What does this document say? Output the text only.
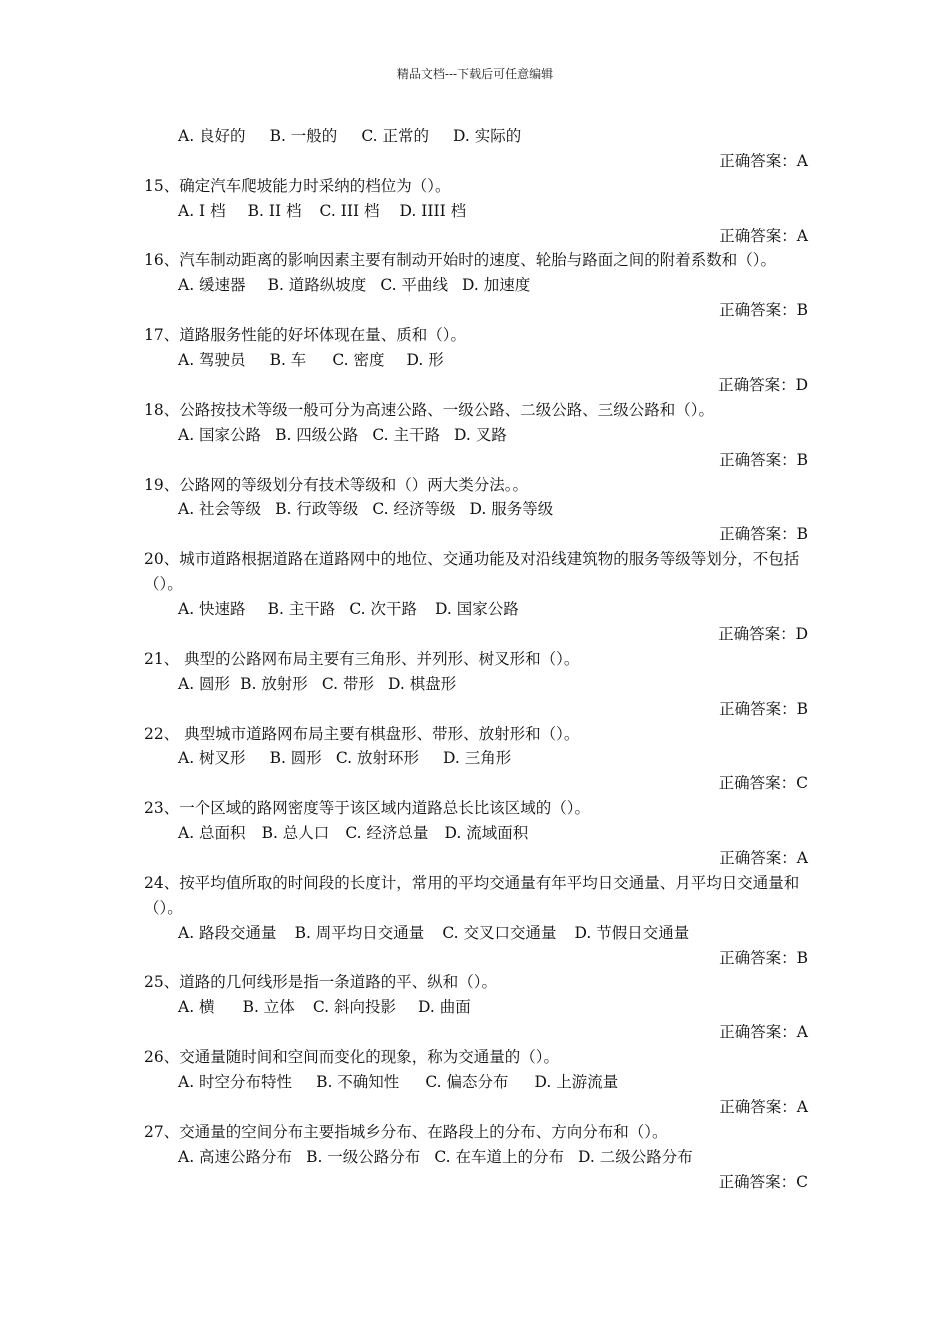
精品文档---下载后可任意编辑
A. 良好的 B. 一般的 C. 正常的 D. 实际的
正确答案：A
15、确定汽车爬坡能力时采纳的档位为（）。
A. I 档 B. II 档 C. III 档 D. IIII 档
正确答案：A
16、汽车制动距离的影响因素主要有制动开始时的速度、轮胎与路面之间的附着系数和（）。
A. 缓速器 B. 道路纵坡度 C. 平曲线 D. 加速度
正确答案：B
17、道路服务性能的好坏体现在量、质和（）。
A. 驾驶员 B. 车 C. 密度 D. 形
正确答案：D
18、公路按技术等级一般可分为高速公路、一级公路、二级公路、三级公路和（）。
A. 国家公路 B. 四级公路 C. 主干路 D. 叉路
正确答案：B
19、公路网的等级划分有技术等级和（）两大类分法。。
A. 社会等级 B. 行政等级 C. 经济等级 D. 服务等级
正确答案：B
20、城市道路根据道路在道路网中的地位、交通功能及对沿线建筑物的服务等级等划分，不包括（）。
A. 快速路 B. 主干路 C. 次干路 D. 国家公路
正确答案：D
21、 典型的公路网布局主要有三角形、并列形、树叉形和（）。
A. 圆形 B. 放射形 C. 带形 D. 棋盘形
正确答案：B
22、 典型城市道路网布局主要有棋盘形、带形、放射形和（）。
A. 树叉形 B. 圆形 C. 放射环形 D. 三角形
正确答案：C
23、一个区域的路网密度等于该区域内道路总长比该区域的（）。
A. 总面积 B. 总人口 C. 经济总量 D. 流域面积
正确答案：A
24、按平均值所取的时间段的长度计，常用的平均交通量有年平均日交通量、月平均日交通量和（）。
A. 路段交通量 B. 周平均日交通量 C. 交叉口交通量 D. 节假日交通量
正确答案：B
25、道路的几何线形是指一条道路的平、纵和（）。
A. 横 B. 立体 C. 斜向投影 D. 曲面
正确答案：A
26、交通量随时间和空间而变化的现象，称为交通量的（）。
A. 时空分布特性 B. 不确知性 C. 偏态分布 D. 上游流量
正确答案：A
27、交通量的空间分布主要指城乡分布、在路段上的分布、方向分布和（）。
A. 高速公路分布 B. 一级公路分布 C. 在车道上的分布 D. 二级公路分布
正确答案：C
